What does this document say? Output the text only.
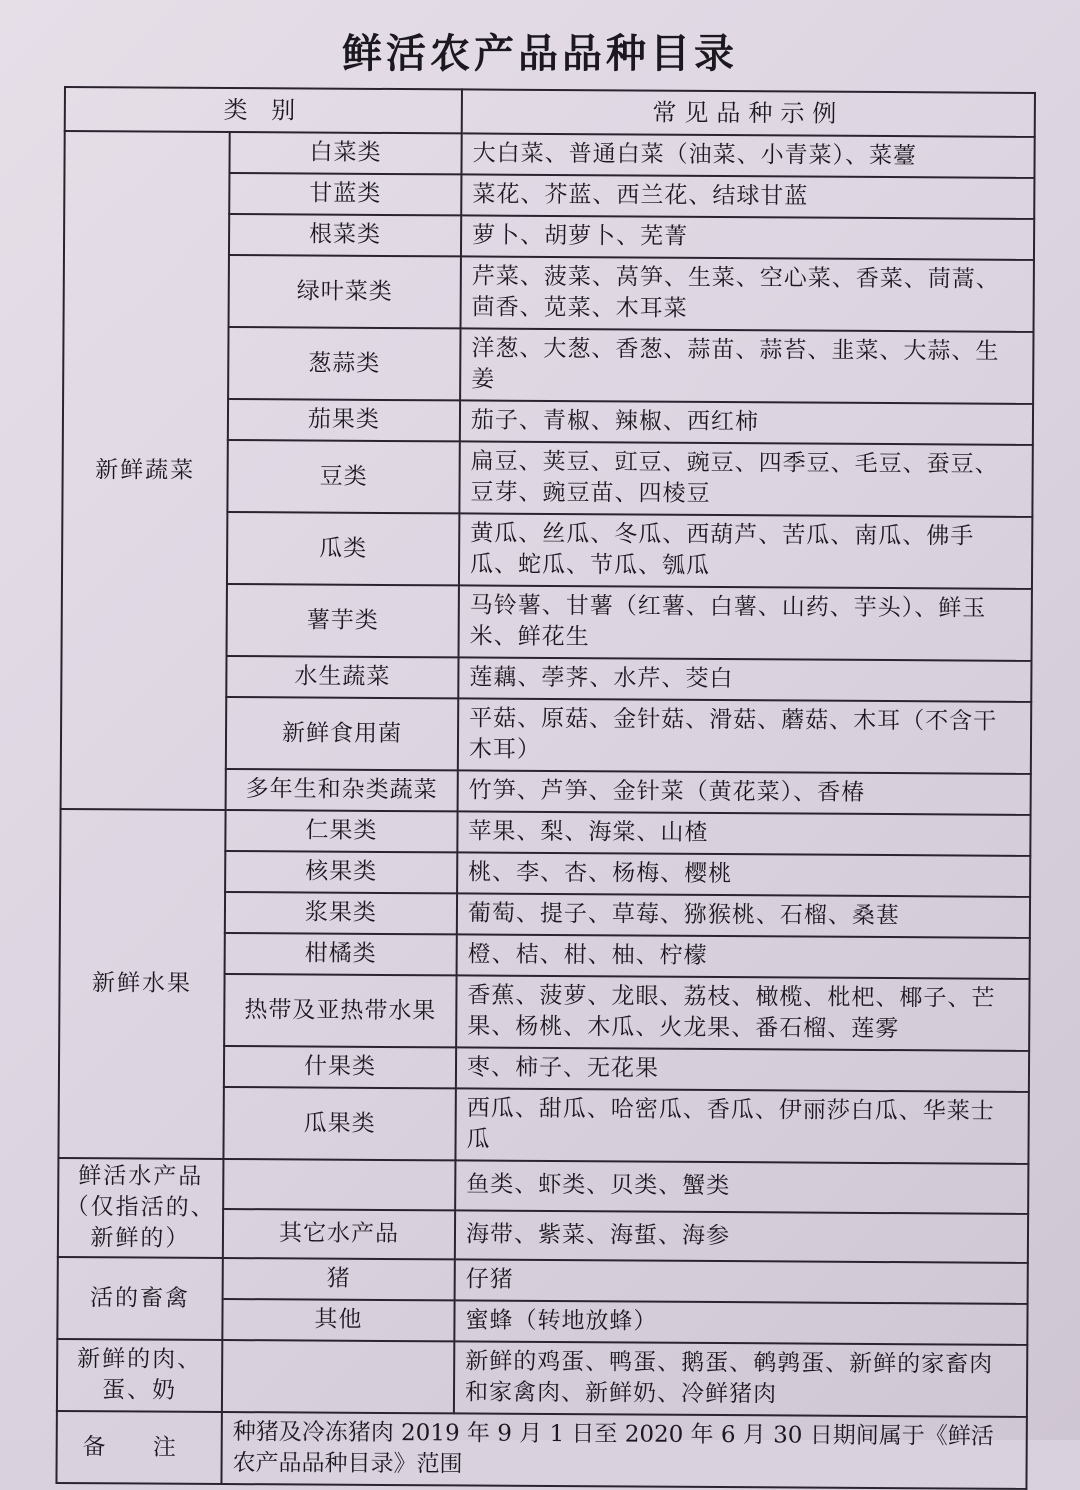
鲜活农产品品种目录
类 别		常见品种示例
新鲜蔬菜	白菜类	大白菜、普通白菜（油菜、小青菜）、菜薹
	甘蓝类	菜花、芥蓝、西兰花、结球甘蓝
	根菜类	萝卜、胡萝卜、芜菁
	绿叶菜类	芹菜、菠菜、莴笋、生菜、空心菜、香菜、茼蒿、茴香、苋菜、木耳菜
	葱蒜类	洋葱、大葱、香葱、蒜苗、蒜苔、韭菜、大蒜、生姜
	茄果类	茄子、青椒、辣椒、西红柿
	豆类	扁豆、荚豆、豇豆、豌豆、四季豆、毛豆、蚕豆、豆芽、豌豆苗、四棱豆
	瓜类	黄瓜、丝瓜、冬瓜、西葫芦、苦瓜、南瓜、佛手瓜、蛇瓜、节瓜、瓠瓜
	薯芋类	马铃薯、甘薯（红薯、白薯、山药、芋头）、鲜玉米、鲜花生
	水生蔬菜	莲藕、荸荠、水芹、茭白
	新鲜食用菌	平菇、原菇、金针菇、滑菇、蘑菇、木耳（不含干木耳）
	多年生和杂类蔬菜	竹笋、芦笋、金针菜（黄花菜）、香椿
新鲜水果	仁果类	苹果、梨、海棠、山楂
	核果类	桃、李、杏、杨梅、樱桃
	浆果类	葡萄、提子、草莓、猕猴桃、石榴、桑葚
	柑橘类	橙、桔、柑、柚、柠檬
	热带及亚热带水果	香蕉、菠萝、龙眼、荔枝、橄榄、枇杷、椰子、芒果、杨桃、木瓜、火龙果、番石榴、莲雾
	什果类	枣、柿子、无花果
	瓜果类	西瓜、甜瓜、哈密瓜、香瓜、伊丽莎白瓜、华莱士瓜
鲜活水产品（仅指活的、新鲜的）		鱼类、虾类、贝类、蟹类
	其它水产品	海带、紫菜、海蜇、海参
活的畜禽	猪	仔猪
	其他	蜜蜂（转地放蜂）
新鲜的肉、蛋、奶		新鲜的鸡蛋、鸭蛋、鹅蛋、鹌鹑蛋、新鲜的家畜肉和家禽肉、新鲜奶、冷鲜猪肉
备 注	种猪及冷冻猪肉 2019 年 9 月 1 日至 2020 年 6 月 30 日期间属于《鲜活农产品品种目录》范围	
